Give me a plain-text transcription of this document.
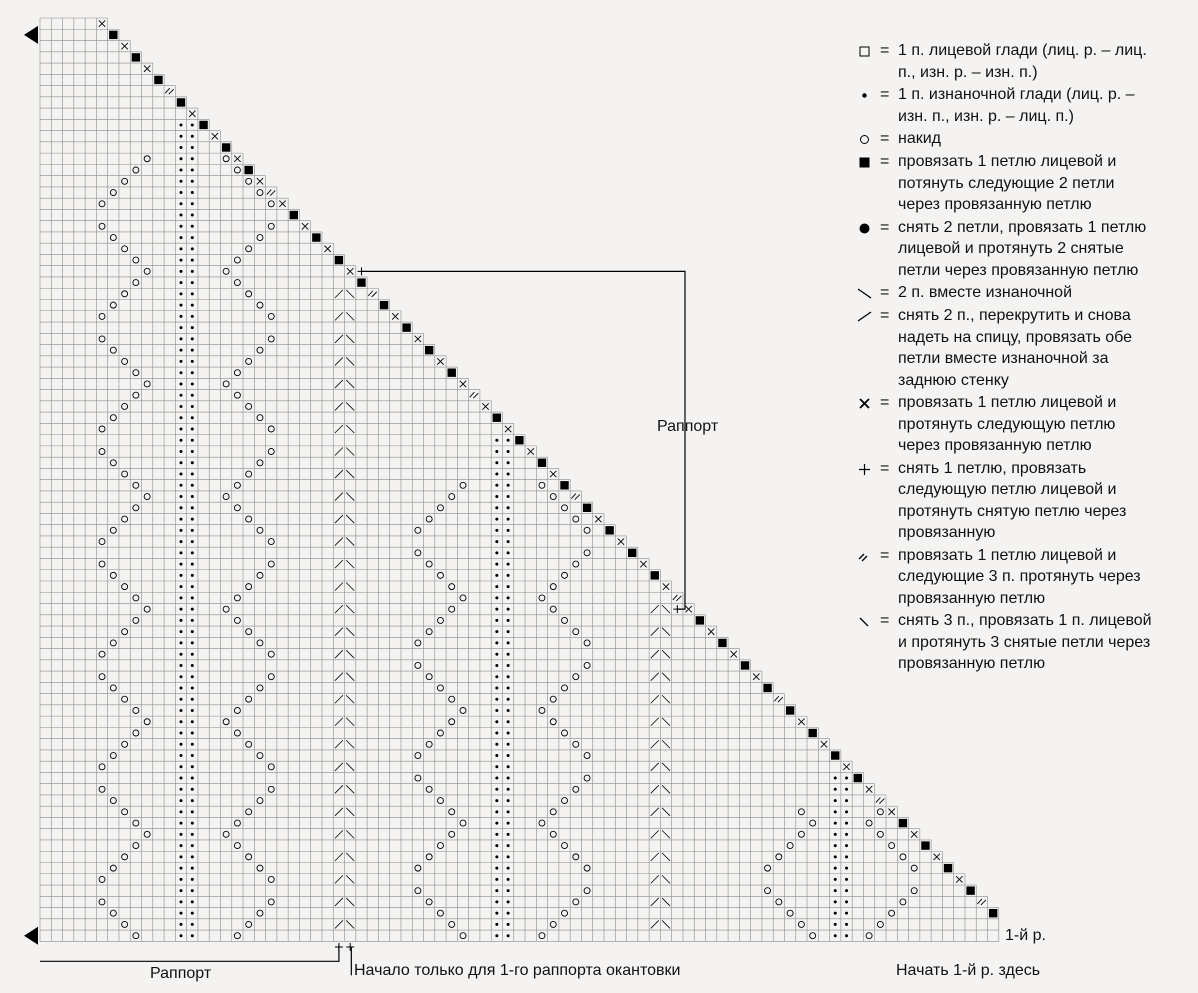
= 1 п. лицевой глади (лиц. р. – лиц. п., изн. р. – изн. п.)
= 1 п. изнаночной глади (лиц. р. – изн. п., изн. р. – лиц. п.)
= накид
= провязать 1 петлю лицевой и потянуть следующие 2 петли через провязанную петлю
= снять 2 петли, провязать 1 петлю лицевой и протянуть 2 снятые петли через провязанную петлю
= 2 п. вместе изнаночной
= снять 2 п., перекрутить и снова надеть на спицу, провязать обе петли вместе изнаночной за заднюю стенку
= провязать 1 петлю лицевой и протянуть следующую петлю через провязанную петлю
= снять 1 петлю, провязать следующую петлю лицевой и протянуть снятую петлю через провязанную
= провязать 1 петлю лицевой и следующие 3 п. протянуть через провязанную петлю
= снять 3 п., провязать 1 п. лицевой и протянуть 3 снятые петли через провязанную петлю
Раппорт
Раппорт	Начало только для 1-го раппорта окантовки	Начать 1-й р. здесь
1-й р.
